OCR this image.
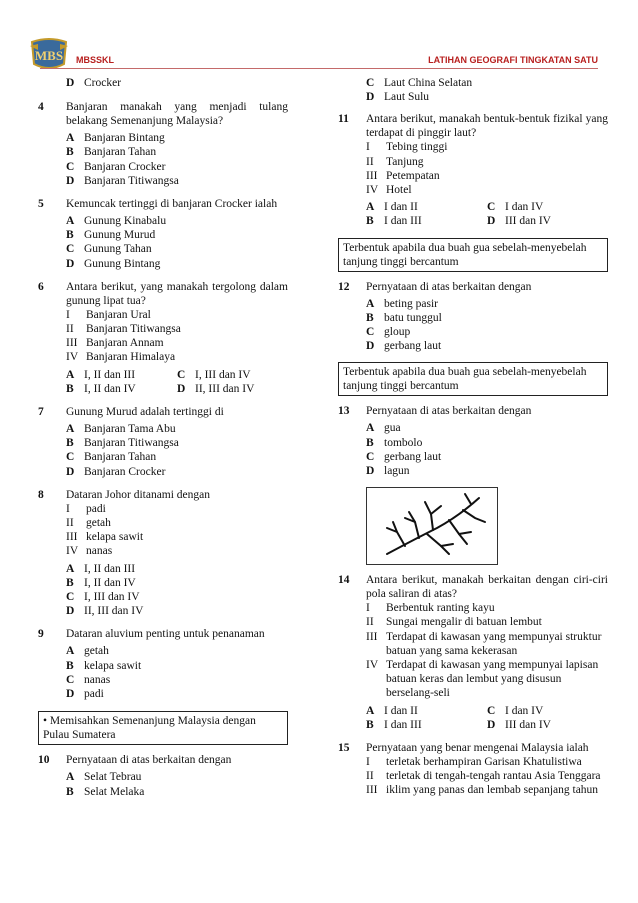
MBS MBSSKL	LATIHAN GEOGRAFI TINGKATAN SATU
D Crocker
4 Banjaran manakah yang menjadi tulang belakang Semenanjung Malaysia?
A Banjaran Bintang
B Banjaran Tahan
C Banjaran Crocker
D Banjaran Titiwangsa
5 Kemuncak tertinggi di banjaran Crocker ialah
A Gunung Kinabalu
B Gunung Murud
C Gunung Tahan
D Gunung Bintang
6 Antara berikut, yang manakah tergolong dalam gunung lipat tua?
I	Banjaran Ural
II	Banjaran Titiwangsa
III Banjaran Annam
IV Banjaran Himalaya
A I, II dan III	C I, III dan IV
B I, II dan IV	D II, III dan IV
7 Gunung Murud adalah tertinggi di
A Banjaran Tama Abu
B Banjaran Titiwangsa
C Banjaran Tahan
D Banjaran Crocker
8 Dataran Johor ditanami dengan
I	padi
II	getah
III kelapa sawit
IV nanas
A I, II dan III
B I, II dan IV
C I, III dan IV
D II, III dan IV
9 Dataran aluvium penting untuk penanaman
A getah
B kelapa sawit
C nanas
D padi
• Memisahkan Semenanjung Malaysia dengan Pulau Sumatera
10 Pernyataan di atas berkaitan dengan
A Selat Tebrau
B Selat Melaka
C Laut China Selatan
D Laut Sulu
11 Antara berikut, manakah bentuk-bentuk fizikal yang terdapat di pinggir laut?
I	Tebing tinggi
II	Tanjung
III Petempatan
IV Hotel
A I dan II	C I dan IV
B I dan III	D III dan IV
Terbentuk apabila dua buah gua sebelah-menyebelah tanjung tinggi bercantum
12 Pernyataan di atas berkaitan dengan
A beting pasir
B batu tunggul
C gloup
D gerbang laut
Terbentuk apabila dua buah gua sebelah-menyebelah tanjung tinggi bercantum
13 Pernyataan di atas berkaitan dengan
A gua
B tombolo
C gerbang laut
D lagun
14 Antara berikut, manakah berkaitan dengan ciri-ciri pola saliran di atas?
I	Berbentuk ranting kayu
II	Sungai mengalir di batuan lembut
III Terdapat di kawasan yang mempunyai struktur batuan yang sama kekerasan
IV Terdapat di kawasan yang mempunyai lapisan batuan keras dan lembut yang disusun berselang-seli
A I dan II	C I dan IV
B I dan III	D III dan IV
15 Pernyataan yang benar mengenai Malaysia ialah
I	terletak berhampiran Garisan Khatulistiwa
II	terletak di tengah-tengah rantau Asia Tenggara
III iklim yang panas dan lembab sepanjang tahun
